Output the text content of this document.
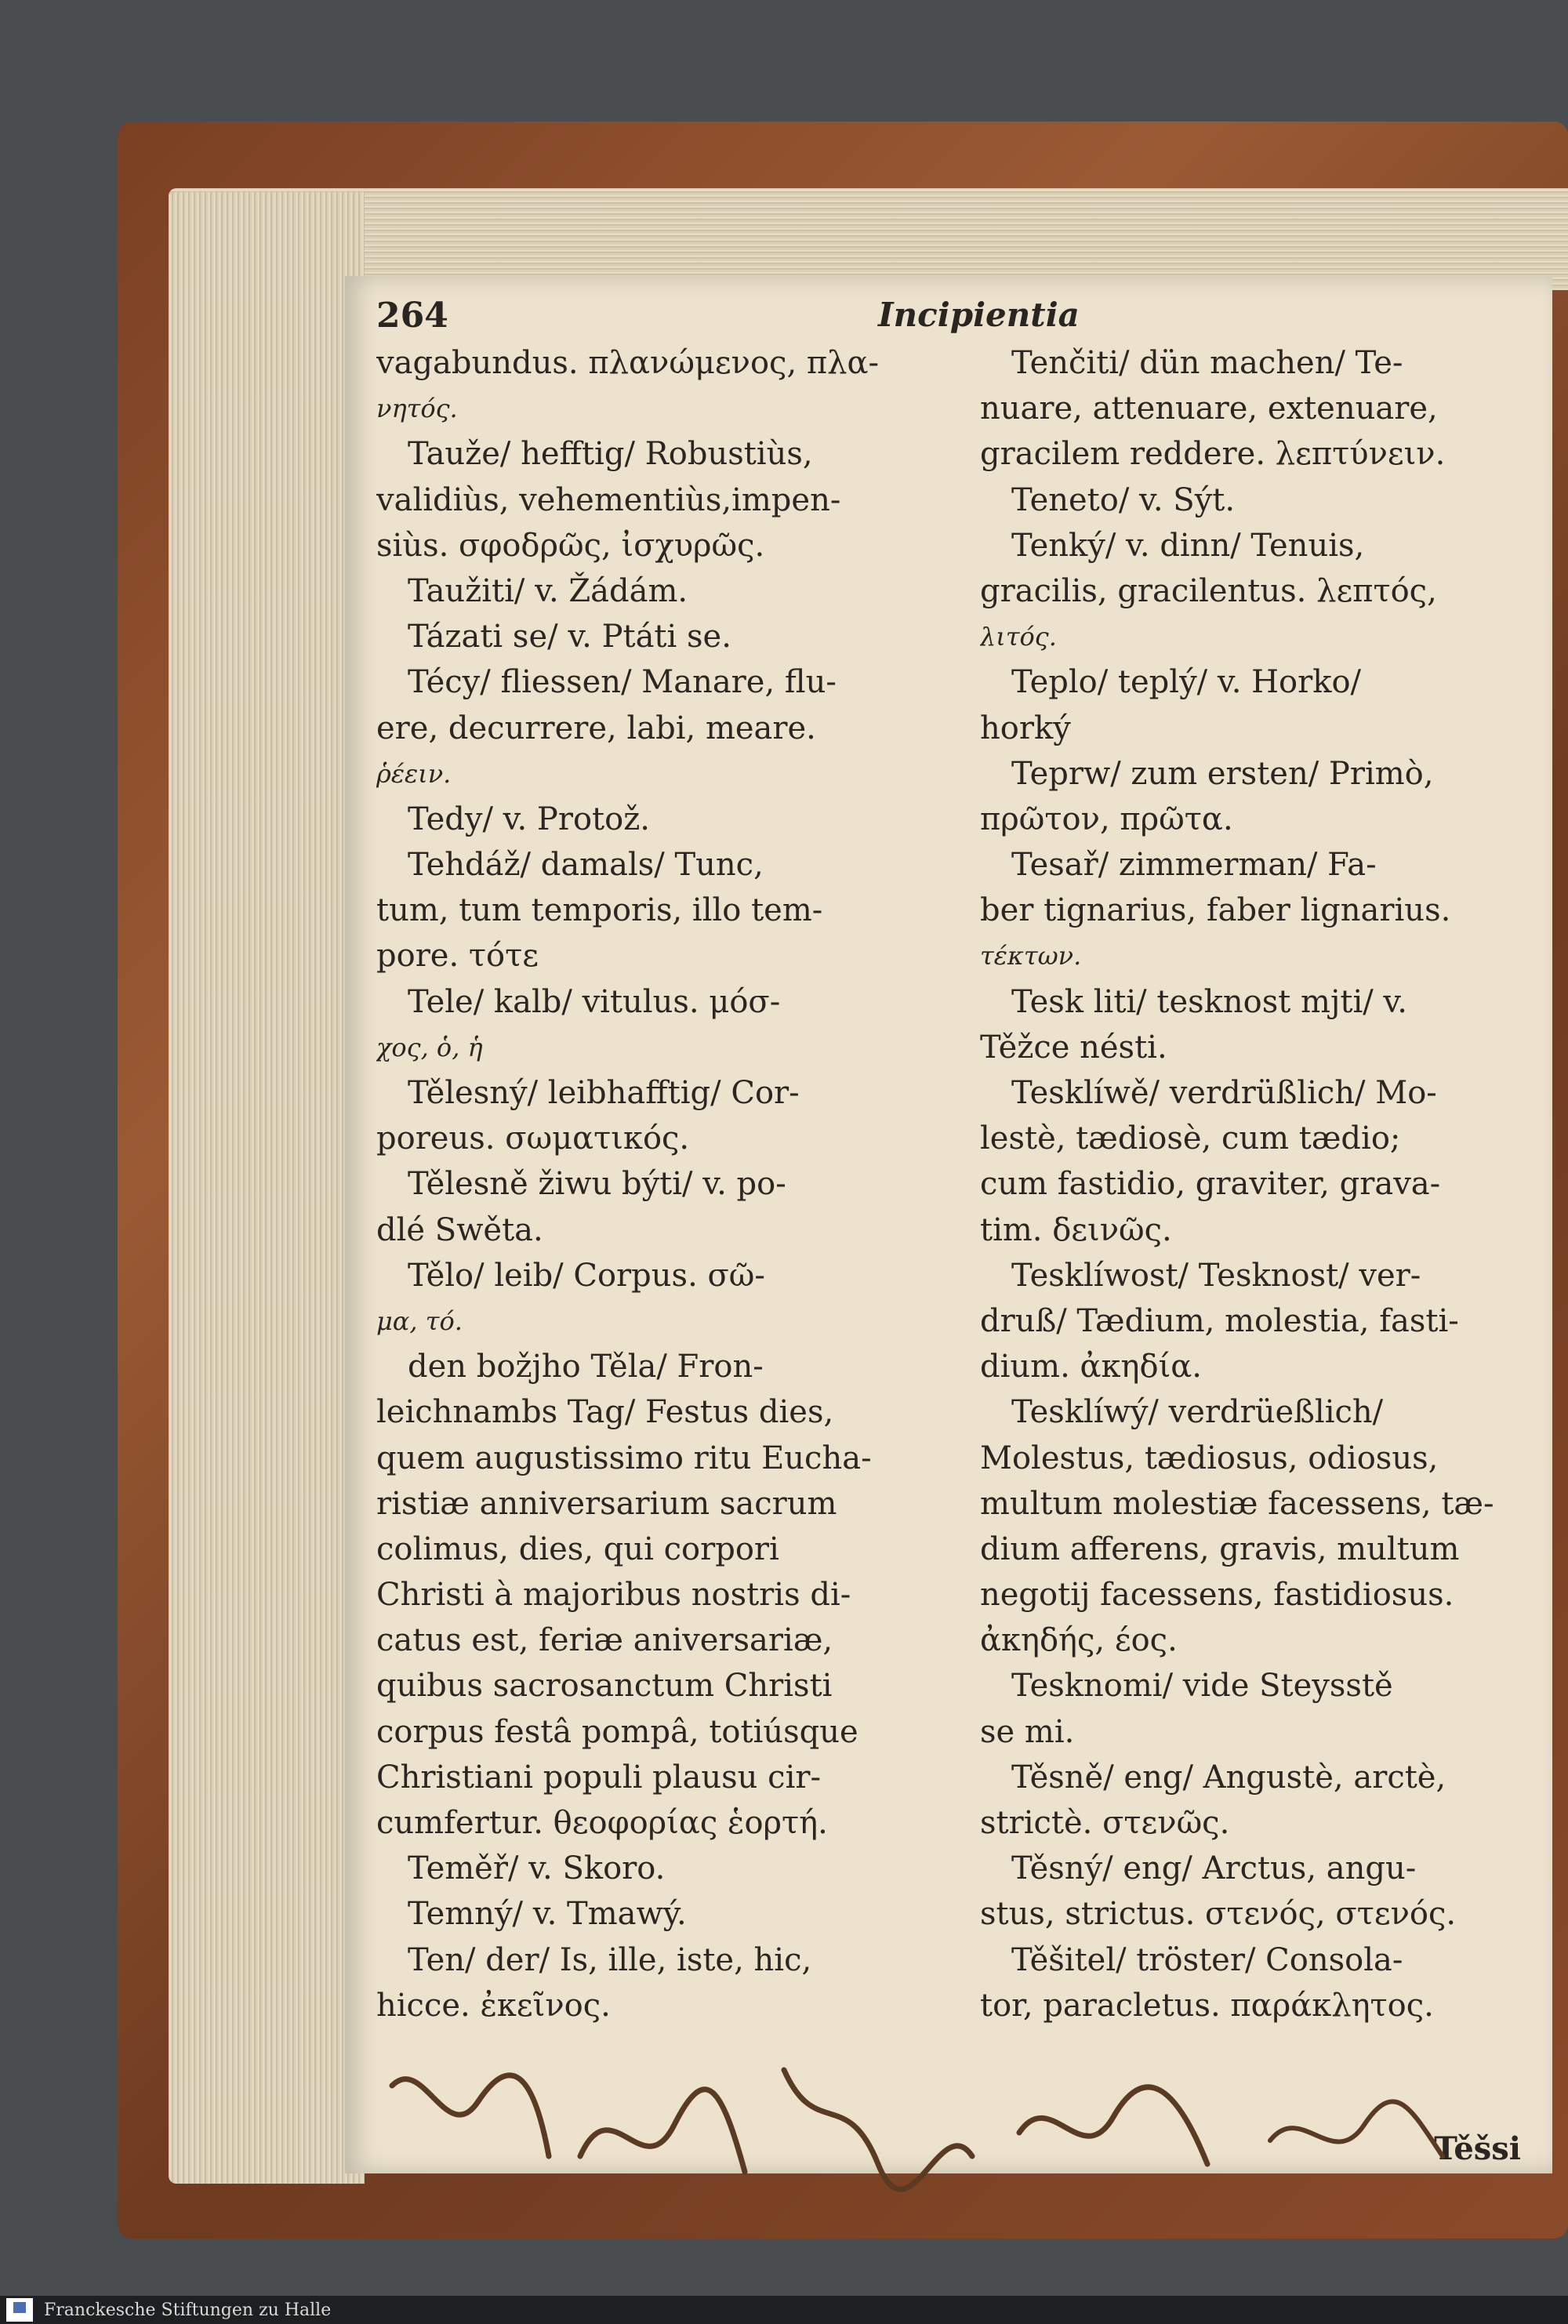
264	Incipientia
vagabundus. πλανώμενος, πλα-
νητός.
Tauže/ hefftig/ Robustiùs,
validiùs, vehementiùs,impen-
siùs. σφοδρῶς, ἰσχυρῶς.
Taužiti/ v. Žádám.
Tázati se/ v. Ptáti se.
Técy/ fliessen/ Manare, flu-
ere, decurrere, labi, meare.
ῥέειν.
Tedy/ v. Protož.
Tehdáž/ damals/ Tunc,
tum, tum temporis, illo tem-
pore. τότε
Tele/ kalb/ vitulus. μόσ-
χος, ὁ, ἡ
Tělesný/ leibhafftig/ Cor-
poreus. σωματικός.
Tělesně žiwu býti/ v. po-
dlé Swěta.
Tělo/ leib/ Corpus. σῶ-
μα, τό.
den božjho Těla/ Fron-
leichnambs Tag/ Festus dies,
quem augustissimo ritu Eucha-
ristiæ anniversarium sacrum
colimus, dies, qui corpori
Christi à majoribus nostris di-
catus est, feriæ aniversariæ,
quibus sacrosanctum Christi
corpus festâ pompâ, totiúsque
Christiani populi plausu cir-
cumfertur. θεοφορίας ἑορτή.
Teměř/ v. Skoro.
Temný/ v. Tmawý.
Ten/ der/ Is, ille, iste, hic,
hicce. ἐκεῖνος.
Tenčiti/ dün machen/ Te-
nuare, attenuare, extenuare,
gracilem reddere. λεπτύνειν.
Teneto/ v. Sýt.
Tenký/ v. dinn/ Tenuis,
gracilis, gracilentus. λεπτός,
λιτός.
Teplo/ teplý/ v. Horko/
horký
Teprw/ zum ersten/ Primò,
πρῶτον, πρῶτα.
Tesař/ zimmerman/ Fa-
ber tignarius, faber lignarius.
τέκτων.
Tesk liti/ tesknost mjti/ v.
Těžce nésti.
Tesklíwě/ verdrüßlich/ Mo-
lestè, tædiosè, cum tædio;
cum fastidio, graviter, grava-
tim. δεινῶς.
Tesklíwost/ Tesknost/ ver-
druß/ Tædium, molestia, fasti-
dium. ἀκηδία.
Tesklíwý/ verdrüeßlich/
Molestus, tædiosus, odiosus,
multum molestiæ facessens, tæ-
dium afferens, gravis, multum
negotij facessens, fastidiosus.
ἀκηδής, έος.
Tesknomi/ vide Steysstě
se mi.
Těsně/ eng/ Angustè, arctè,
strictè. στενῶς.
Těsný/ eng/ Arctus, angu-
stus, strictus. στενός, στενός.
Těšitel/ tröster/ Consola-
tor, paracletus. παράκλητος.
Těšsi
Franckesche Stiftungen zu Halle
